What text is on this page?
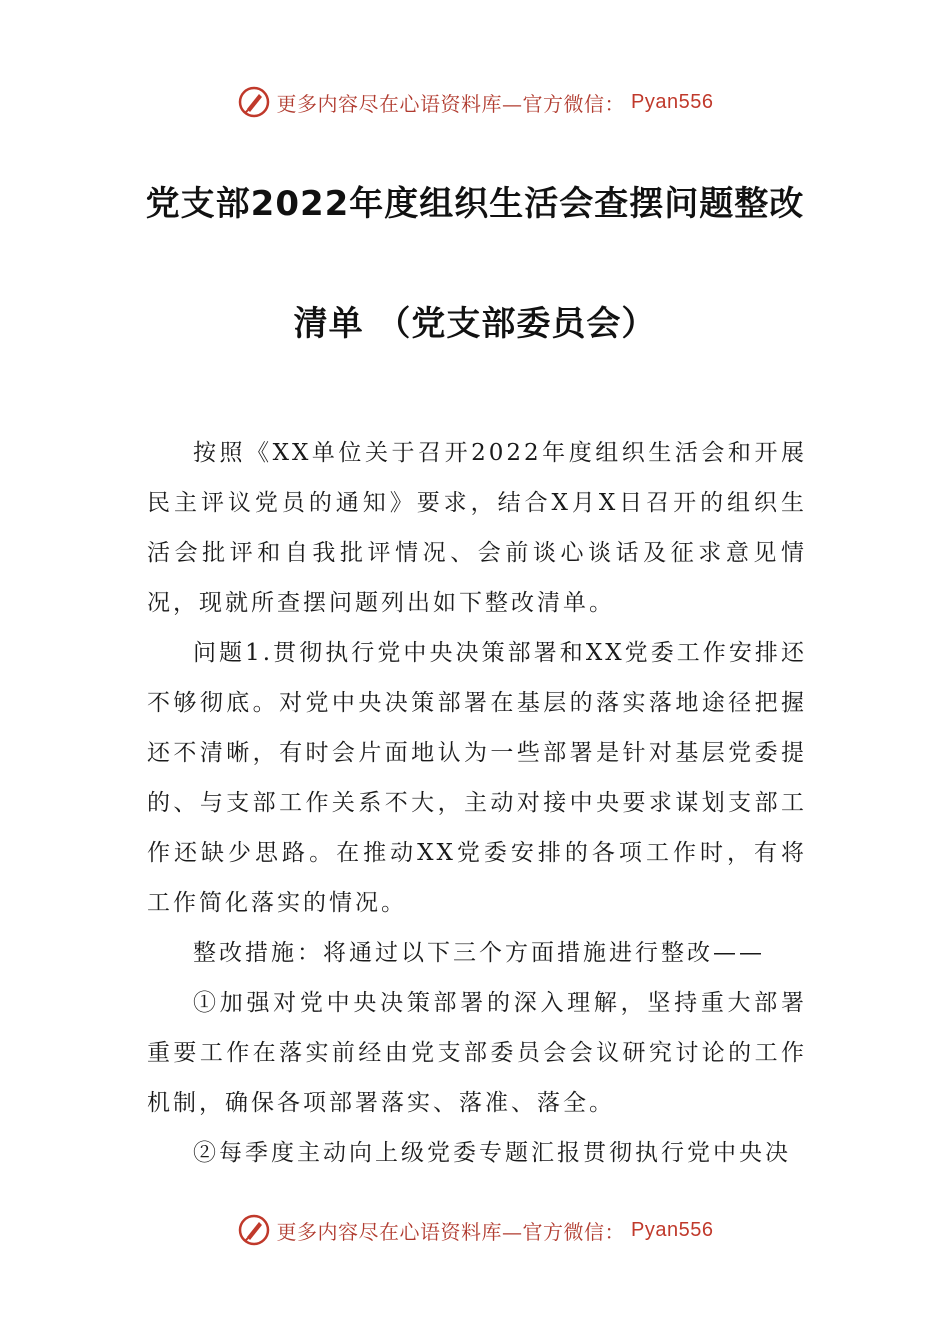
更多内容尽在心语资料库—官方微信： Pyan556
党支部2022年度组织生活会查摆问题整改
清单 （党支部委员会）

按照《XX单位关于召开2022年度组织生活会和开展民主评议党员的通知》要求，结合X月X日召开的组织生活会批评和自我批评情况、会前谈心谈话及征求意见情况，现就所查摆问题列出如下整改清单。

问题1.贯彻执行党中央决策部署和XX党委工作安排还不够彻底。对党中央决策部署在基层的落实落地途径把握还不清晰，有时会片面地认为一些部署是针对基层党委提的、与支部工作关系不大，主动对接中央要求谋划支部工作还缺少思路。在推动XX党委安排的各项工作时，有将工作简化落实的情况。

整改措施：将通过以下三个方面措施进行整改——

①加强对党中央决策部署的深入理解，坚持重大部署重要工作在落实前经由党支部委员会会议研究讨论的工作机制，确保各项部署落实、落准、落全。

②每季度主动向上级党委专题汇报贯彻执行党中央决

更多内容尽在心语资料库—官方微信： Pyan556
